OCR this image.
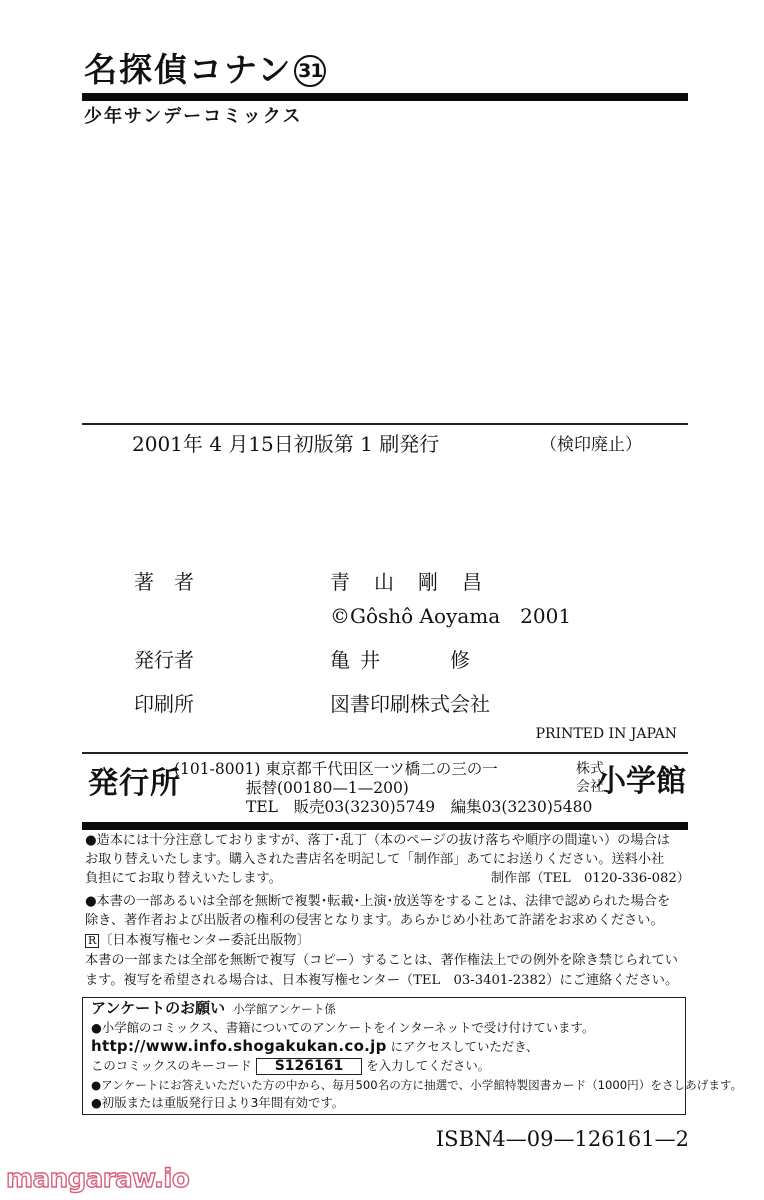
名探偵コナン 31
少年サンデーコミックス
2001年 4 月15日初版第 1 刷発行	（検印廃止）
著　者	青山剛昌
©Gôshô Aoyama　2001
発行者	亀井　　修
印刷所	図書印刷株式会社
PRINTED IN JAPAN
発行所
(101-8001) 東京都千代田区一ツ橋二の三の一
振替(00180—1—200)
TEL　販売03(3230)5749　編集03(3230)5480
株式
会社
小学館
●造本には十分注意しておりますが、落丁･乱丁（本のページの抜け落ちや順序の間違い）の場合は
お取り替えいたします。購入された書店名を明記して「制作部」あてにお送りください。送料小社
負担にてお取り替えいたします。	制作部（TEL　0120-336-082）
●本書の一部あるいは全部を無断で複製･転載･上演･放送等をすることは、法律で認められた場合を
除き、著作者および出版者の権利の侵害となります。あらかじめ小社あて許諾をお求めください。
R 〔日本複写権センター委託出版物〕
本書の一部または全部を無断で複写（コピー）することは、著作権法上での例外を除き禁じられてい
ます。複写を希望される場合は、日本複写権センター（TEL　03-3401-2382）にご連絡ください。
アンケートのお願い 小学館アンケート係
●小学館のコミックス、書籍についてのアンケートをインターネットで受け付けています。
http://www.info.shogakukan.co.jp にアクセスしていただき、
このコミックスのキーコード S126161 を入力してください。
●アンケートにお答えいただいた方の中から、毎月500名の方に抽選で、小学館特製図書カード（1000円）をさしあげます。
●初版または重版発行日より3年間有効です。
ISBN4—09—126161—2
mangaraw.io
